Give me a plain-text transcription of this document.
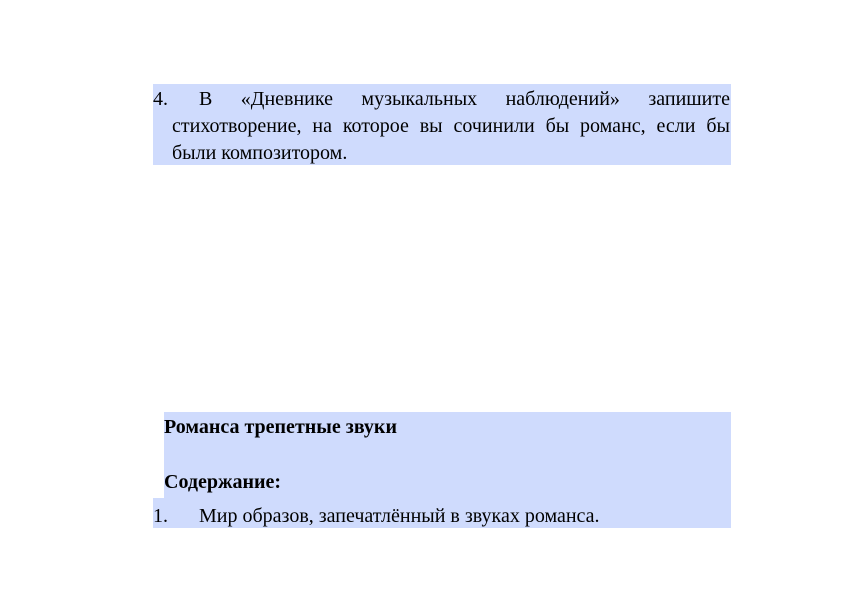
4. В «Дневнике музыкальных наблюдений» запишите
стихотворение, на которое вы сочинили бы романс, если бы
были композитором.
Романса трепетные звуки
Содержание:
1. Мир образов, запечатлённый в звуках романса.
